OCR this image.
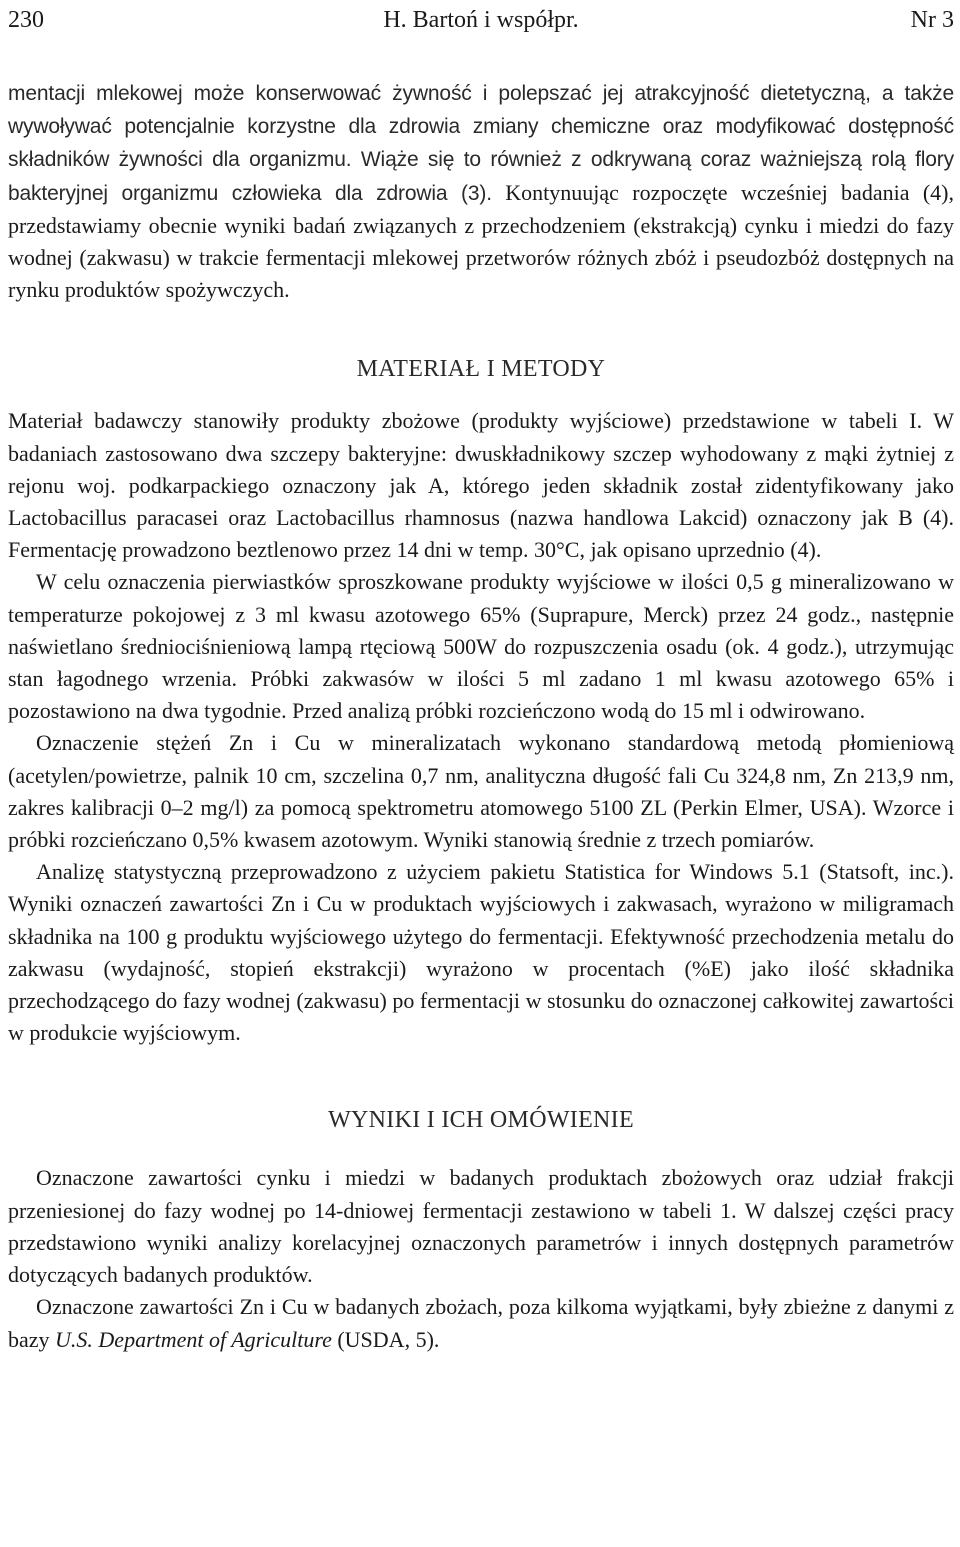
230	H. Bartoń i współpr.	Nr 3

mentacji mlekowej może konserwować żywność i polepszać jej atrakcyjność dietetyczną, a także wywoływać potencjalnie korzystne dla zdrowia zmiany chemiczne oraz modyfikować dostępność składników żywności dla organizmu. Wiąże się to również z odkrywaną coraz ważniejszą rolą flory bakteryjnej organizmu człowieka dla zdrowia (3). Kontynuując rozpoczęte wcześniej badania (4), przedstawiamy obecnie wyniki badań związanych z przechodzeniem (ekstrakcją) cynku i miedzi do fazy wodnej (zakwasu) w trakcie fermentacji mlekowej przetworów różnych zbóż i pseudozbóż dostępnych na rynku produktów spożywczych.

MATERIAŁ I METODY

Materiał badawczy stanowiły produkty zbożowe (produkty wyjściowe) przedstawione w tabeli I. W badaniach zastosowano dwa szczepy bakteryjne: dwuskładnikowy szczep wyhodowany z mąki żytniej z rejonu woj. podkarpackiego oznaczony jak A, którego jeden składnik został zidentyfikowany jako Lactobacillus paracasei oraz Lactobacillus rhamnosus (nazwa handlowa Lakcid) oznaczony jak B (4). Fermentację prowadzono beztlenowo przez 14 dni w temp. 30°C, jak opisano uprzednio (4).

W celu oznaczenia pierwiastków sproszkowane produkty wyjściowe w ilości 0,5 g mineralizowano w temperaturze pokojowej z 3 ml kwasu azotowego 65% (Suprapure, Merck) przez 24 godz., następnie naświetlano średniociśnieniową lampą rtęciową 500W do rozpuszczenia osadu (ok. 4 godz.), utrzymując stan łagodnego wrzenia. Próbki zakwasów w ilości 5 ml zadano 1 ml kwasu azotowego 65% i pozostawiono na dwa tygodnie. Przed analizą próbki rozcieńczono wodą do 15 ml i odwirowano.

Oznaczenie stężeń Zn i Cu w mineralizatach wykonano standardową metodą płomieniową (acetylen/powietrze, palnik 10 cm, szczelina 0,7 nm, analityczna długość fali Cu 324,8 nm, Zn 213,9 nm, zakres kalibracji 0–2 mg/l) za pomocą spektrometru atomowego 5100 ZL (Perkin Elmer, USA). Wzorce i próbki rozcieńczano 0,5% kwasem azotowym. Wyniki stanowią średnie z trzech pomiarów.

Analizę statystyczną przeprowadzono z użyciem pakietu Statistica for Windows 5.1 (Statsoft, inc.). Wyniki oznaczeń zawartości Zn i Cu w produktach wyjściowych i zakwasach, wyrażono w miligramach składnika na 100 g produktu wyjściowego użytego do fermentacji. Efektywność przechodzenia metalu do zakwasu (wydajność, stopień ekstrakcji) wyrażono w procentach (%E) jako ilość składnika przechodzącego do fazy wodnej (zakwasu) po fermentacji w stosunku do oznaczonej całkowitej zawartości w produkcie wyjściowym.

WYNIKI I ICH OMÓWIENIE

Oznaczone zawartości cynku i miedzi w badanych produktach zbożowych oraz udział frakcji przeniesionej do fazy wodnej po 14-dniowej fermentacji zestawiono w tabeli 1. W dalszej części pracy przedstawiono wyniki analizy korelacyjnej oznaczonych parametrów i innych dostępnych parametrów dotyczących badanych produktów.

Oznaczone zawartości Zn i Cu w badanych zbożach, poza kilkoma wyjątkami, były zbieżne z danymi z bazy U.S. Department of Agriculture (USDA, 5).
